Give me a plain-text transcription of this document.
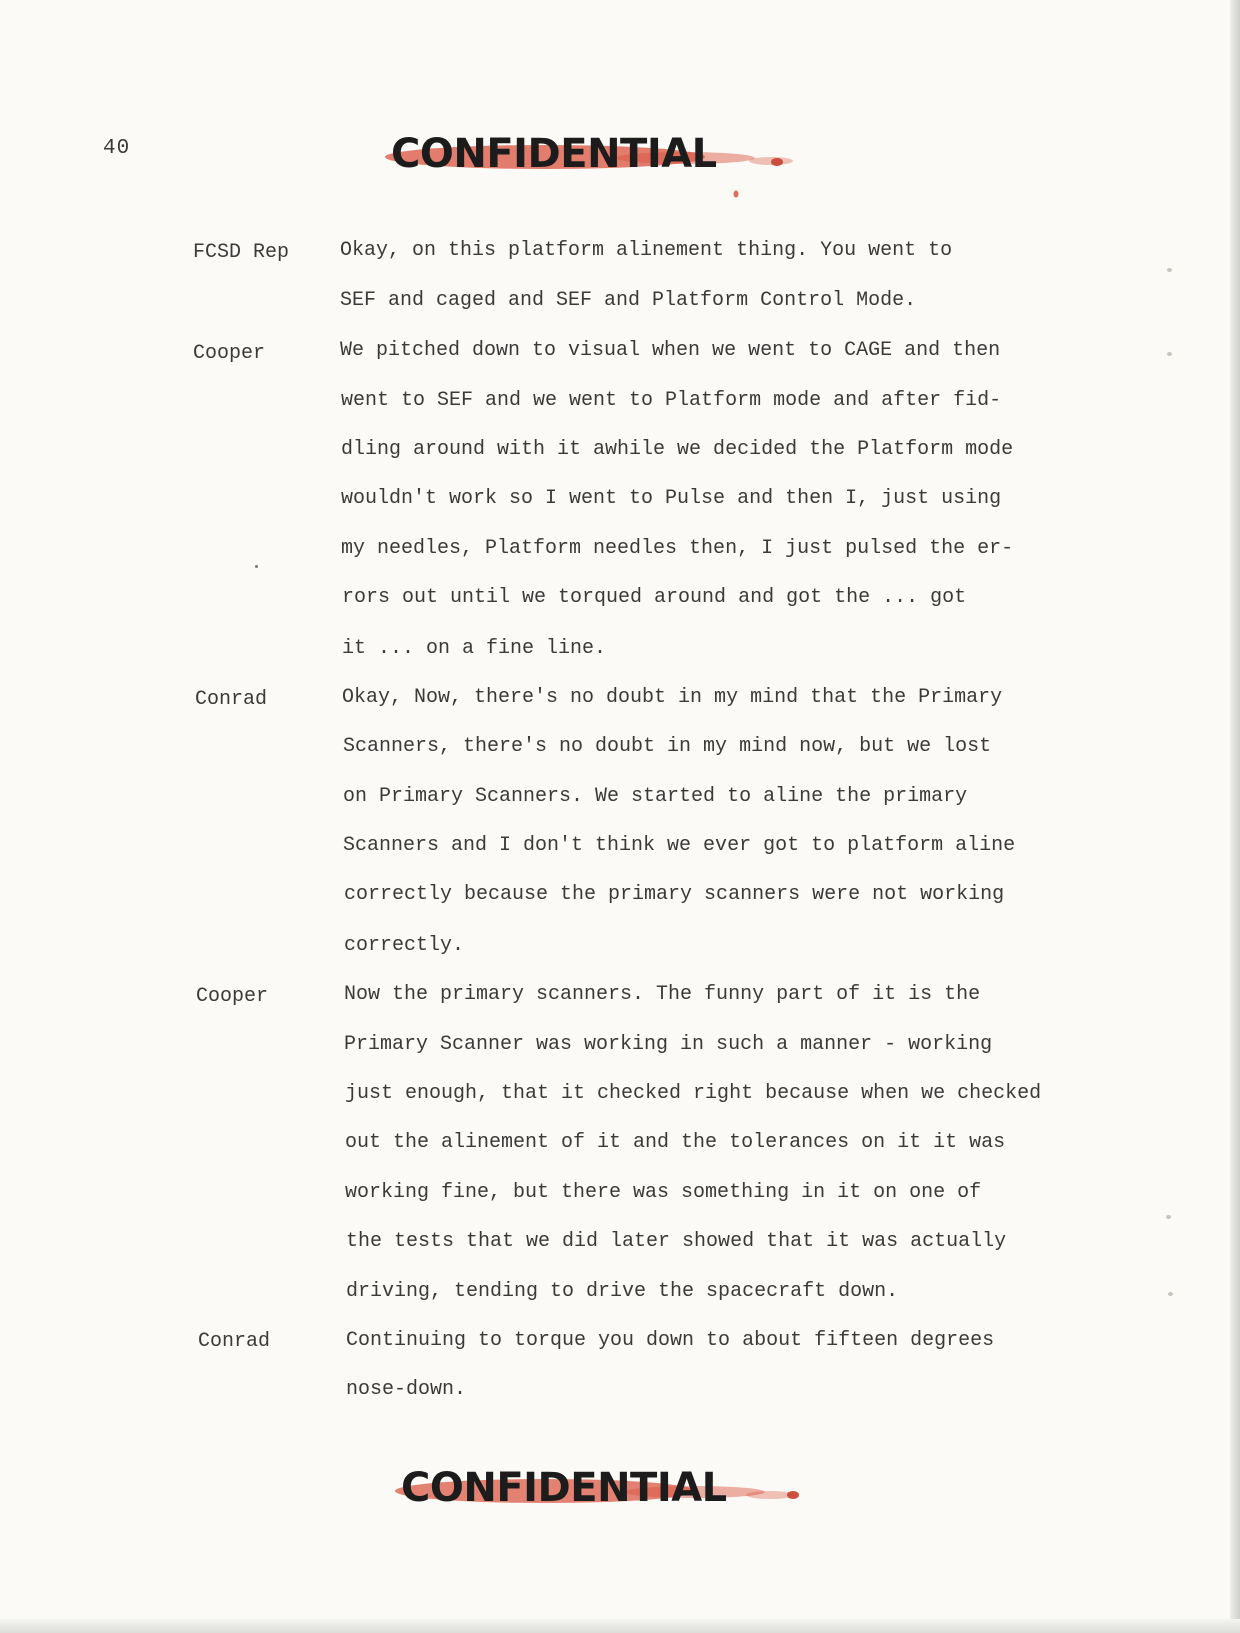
40	CONFIDENTIAL
FCSD Rep	Okay, on this platform alinement thing. You went to
SEF and caged and SEF and Platform Control Mode.
Cooper	We pitched down to visual when we went to CAGE and then
went to SEF and we went to Platform mode and after fid-
dling around with it awhile we decided the Platform mode
wouldn't work so I went to Pulse and then I, just using
my needles, Platform needles then, I just pulsed the er-
rors out until we torqued around and got the ... got
it ... on a fine line.
Conrad	Okay, Now, there's no doubt in my mind that the Primary
Scanners, there's no doubt in my mind now, but we lost
on Primary Scanners. We started to aline the primary
Scanners and I don't think we ever got to platform aline
correctly because the primary scanners were not working
correctly.
Cooper	Now the primary scanners. The funny part of it is the
Primary Scanner was working in such a manner - working
just enough, that it checked right because when we checked
out the alinement of it and the tolerances on it it was
working fine, but there was something in it on one of
the tests that we did later showed that it was actually
driving, tending to drive the spacecraft down.
Conrad	Continuing to torque you down to about fifteen degrees
nose-down.
CONFIDENTIAL
